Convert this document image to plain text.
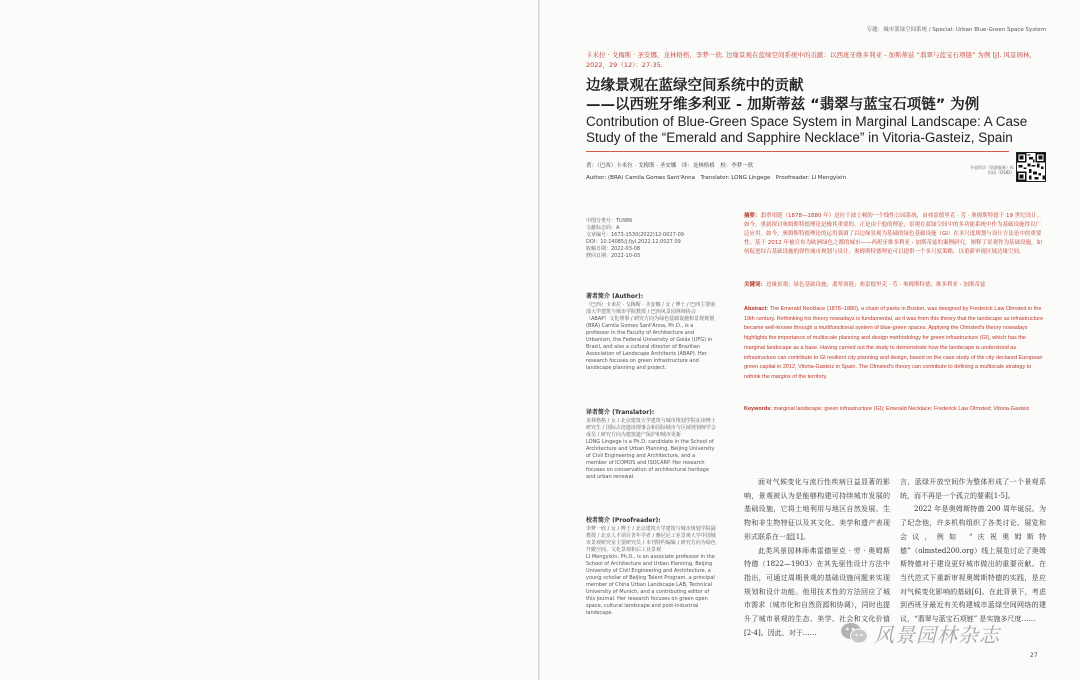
专题：城市蓝绿空间系统 / Special: Urban Blue-Green Space System
卡米拉 · 戈梅斯 · 圣安娜，龙林格格，李梦一欣. 边缘景观在蓝绿空间系统中的贡献：以西班牙维多利亚 - 加斯蒂兹 “翡翠与蓝宝石项链” 为例 [J]. 风景园林，2022，29（12）：27-35.
边缘景观在蓝绿空间系统中的贡献
——以西班牙维多利亚 - 加斯蒂兹 “翡翠与蓝宝石项链” 为例
Contribution of Blue-Green Space System in Marginal Landscape: A Case Study of the “Emerald and Sapphire Necklace” in Vitoria-Gasteiz, Spain
著：（巴西）卡米拉 · 戈梅斯 · 圣安娜　译：龙林格格　校：李梦一欣
Author: (BRA) Camila Gomes Sant'Anna　Translator: LONG Lingege　Proofreader: LI Mengyixin
开放科学（资源服务）标识码（OSID）
中图分类号：TU986
文献标志码：A
文章编号：1673-1530(2022)12-0027-09
DOI：10.14085/j.fjyl.2022.12.0027.09
收稿日期：2022-03-08
修回日期：2022-10-03
著者简介 (Author):

（巴西）卡米拉 · 戈梅斯 · 圣安娜 / 女 / 博士 / 巴西主要南部大学建筑与城市学院教授 / 巴西风景园林师协会（ABAP）文化理事 / 研究方向为绿色基础设施和景观规划

(BRA) Camila Gomes Sant'Anna, Ph.D., is a professor in the Faculty of Architecture and Urbanism, the Federal University of Goiás (UFG) in Brazil, and also a cultural director of Brazilian Association of Landscape Architects (ABAP). Her research focuses on green infrastructure and landscape planning and project.

译者简介 (Translator):

龙林格格 / 女 / 北京建筑大学建筑与城市规划学院在读博士研究生 / 国际古迹遗址理事会和国际城市与区域规划师学会成员 / 研究方向为建筑遗产保护和城市更新

LONG Lingege is a Ph.D. candidate in the School of Architecture and Urban Planning, Beijing University of Civil Engineering and Architecture, and a member of ICOMOS and ISOCARP. Her research focuses on conservation of architectural heritage and urban renewal.

校者简介 (Proofreader):

李梦一欣 / 女 / 博士 / 北京建筑大学建筑与城市规划学院副教授 / 北京人才项目青年学者 / 雅尼尼工业景观大学中国城市景观研究室主要研究员 / 本刊特约编辑 / 研究方向为绿色开敞空间、文化景观和后工业景观

LI Mengyixin, Ph.D., is an associate professor in the School of Architecture and Urban Planning, Beijing University of Civil Engineering and Architecture, a young scholar of Beijing Talent Program, a principal member of China Urban Landscape LAB, Technical University of Munich, and a contributing editor of this journal. Her research focuses on green open space, cultural landscape and post-industrial landscape.

摘要：翡翠项链（1878—1880 年）是位于波士顿的一个线性公园系统，由弗雷德里克 · 劳 · 奥姆斯特德于 19 世纪设计。如今，重新探讨奥姆斯特德理论是极其重要的。正是由于他的理论，景观在蓝绿空间中的多功能系统中作为基础设施得以广泛应用。如今，奥姆斯特德理论的运用强调了以边缘景观为基础的绿色基础设施（GI）在多尺度规划与设计方法论中的重要性。基于 2012 年被宣布为欧洲绿色之都的城市——西班牙维多利亚 - 加斯蒂兹的案例研究，阐释了景观作为基础设施，如何促进综合基础设施的弹性城市规划与设计。奥姆斯特德理论可以提供一个多尺度策略，以重新审视区域边缘空间。
关键词：边缘景观；绿色基础设施；翡翠项链；弗雷德里克 · 劳 · 奥姆斯特德；维多利亚 - 加斯蒂兹
Abstract: The Emerald Necklace (1878–1880), a chain of parks in Boston, was designed by Frederick Law Olmsted in the 19th century. Rethinking his theory nowadays is fundamental, as it was from this theory that the landscape as infrastructure became well-known through a multifunctional system of blue-green spaces. Applying the Olmsted's theory nowadays highlights the importance of multiscale planning and design methodology for green infrastructure (GI), which has the marginal landscape as a base. Having carried out the study to demonstrate how the landscape is understood as infrastructure can contribute to GI resilient city planning and design, based on the case study of the city declared European green capital in 2012, Vitoria-Gasteiz in Spain. The Olmsted's theory can contribute to defining a multiscale strategy to rethink the margins of the territory.
Keywords: marginal landscape; green infrastructure (GI); Emerald Necklace; Frederick Law Olmsted; Vitoria-Gasteiz

面对气候变化与流行性疾病日益显著的影响，景观被认为是能够构建可持续城市发展的基础设施，它将土地利用与地区自然发展、生物和非生物特征以及其文化、美学和遗产表现形式联系在一起[1]。

此类风景园林师弗雷德里克 · 劳 · 奥姆斯特德（1822—1903）在其先驱性设计方法中指出，可通过周期景观的基础设施问题来实现规划和设计功能。他用技术性的方法回应了城市需求（城市化和自然资源和协调），同时也提升了城市景观的生态、美学、社会和文化价值[2-4]。因此，对于……

言，蓝绿开放空间作为整体形成了一个景观系统，而不再是一个孤立的要素[1-5]。

2022 年是奥姆斯特德 200 周年诞辰。为了纪念他，许多机构组织了各类讨论、展览和会议，例如 “庆祝奥姆斯特德”（olmsted200.org）线上展览讨论了奥姆斯特德对于建设更好城市做出的重要贡献。在当代范式下重新审视奥姆斯特德的实践，是应对气候变化影响的基础[6]。在此背景下，考虑到西班牙最近有关构建城市蓝绿空间网络的建议，“翡翠与蓝宝石项链” 是实施多尺度……

风景园林杂志
27
